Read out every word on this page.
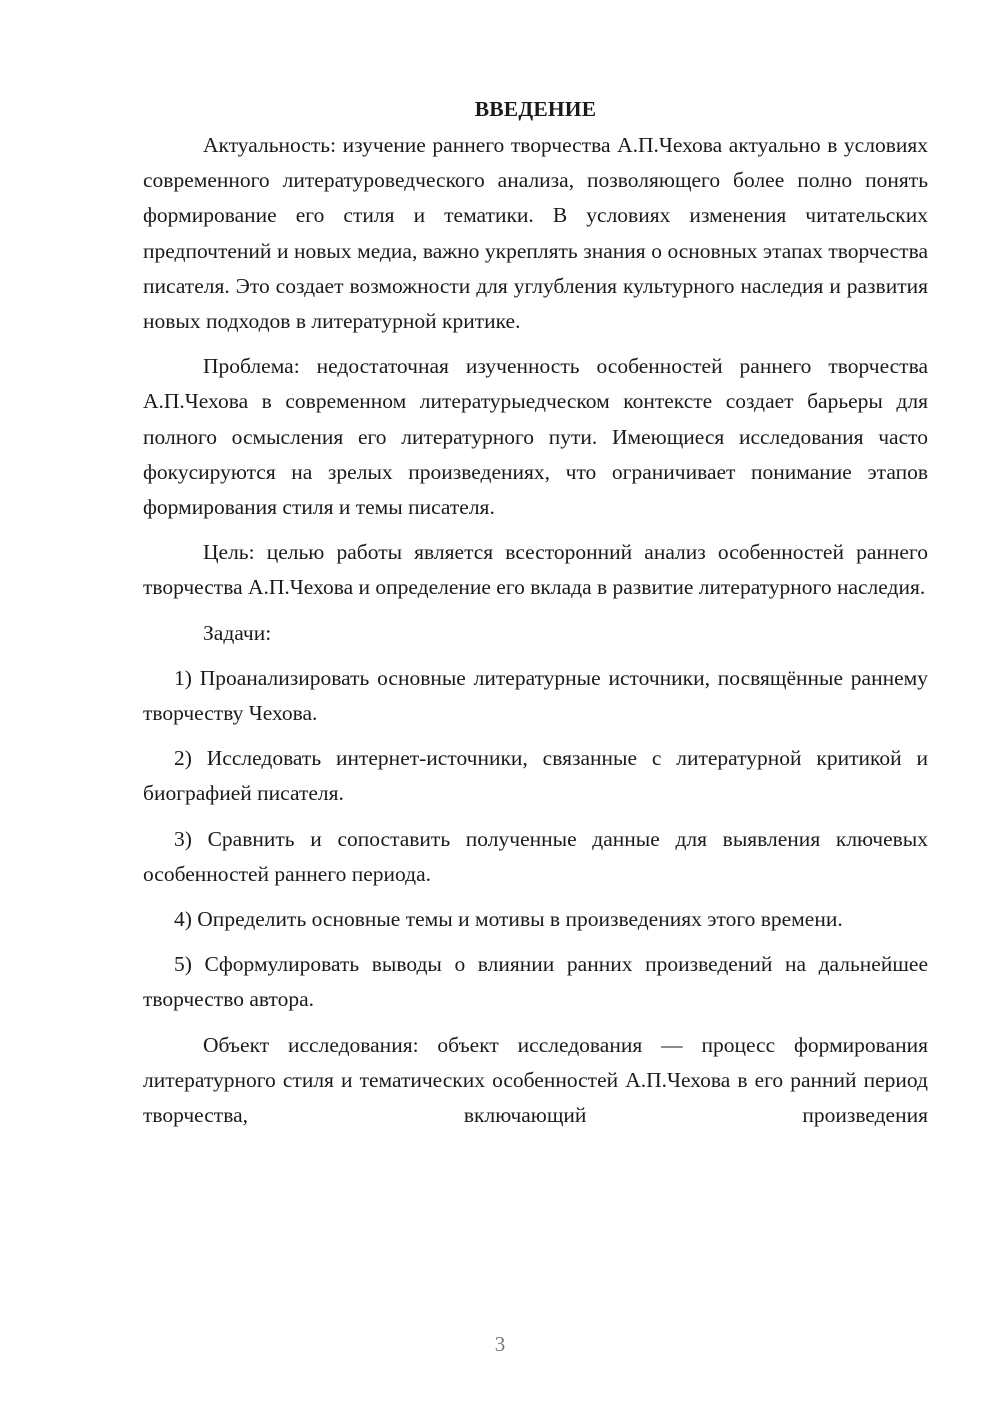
ВВЕДЕНИЕ

Актуальность: изучение раннего творчества А.П.Чехова актуально в условиях современного литературоведческого анализа, позволяющего более полно понять формирование его стиля и тематики. В условиях изменения читательских предпочтений и новых медиа, важно укреплять знания о основных этапах творчества писателя. Это создает возможности для углубления культурного наследия и развития новых подходов в литературной критике.

Проблема: недостаточная изученность особенностей раннего творчества А.П.Чехова в современном литературыедческом контексте создает барьеры для полного осмысления его литературного пути. Имеющиеся исследования часто фокусируются на зрелых произведениях, что ограничивает понимание этапов формирования стиля и темы писателя.

Цель: целью работы является всесторонний анализ особенностей раннего творчества А.П.Чехова и определение его вклада в развитие литературного наследия.

Задачи:

1) Проанализировать основные литературные источники, посвящённые раннему творчеству Чехова.

2) Исследовать интернет-источники, связанные с литературной критикой и биографией писателя.

3) Сравнить и сопоставить полученные данные для выявления ключевых особенностей раннего периода.

4) Определить основные темы и мотивы в произведениях этого времени.

5) Сформулировать выводы о влиянии ранних произведений на дальнейшее творчество автора.

Объект исследования: объект исследования — процесс формирования литературного стиля и тематических особенностей А.П.Чехова в его ранний период творчества, включающий произведения

3
